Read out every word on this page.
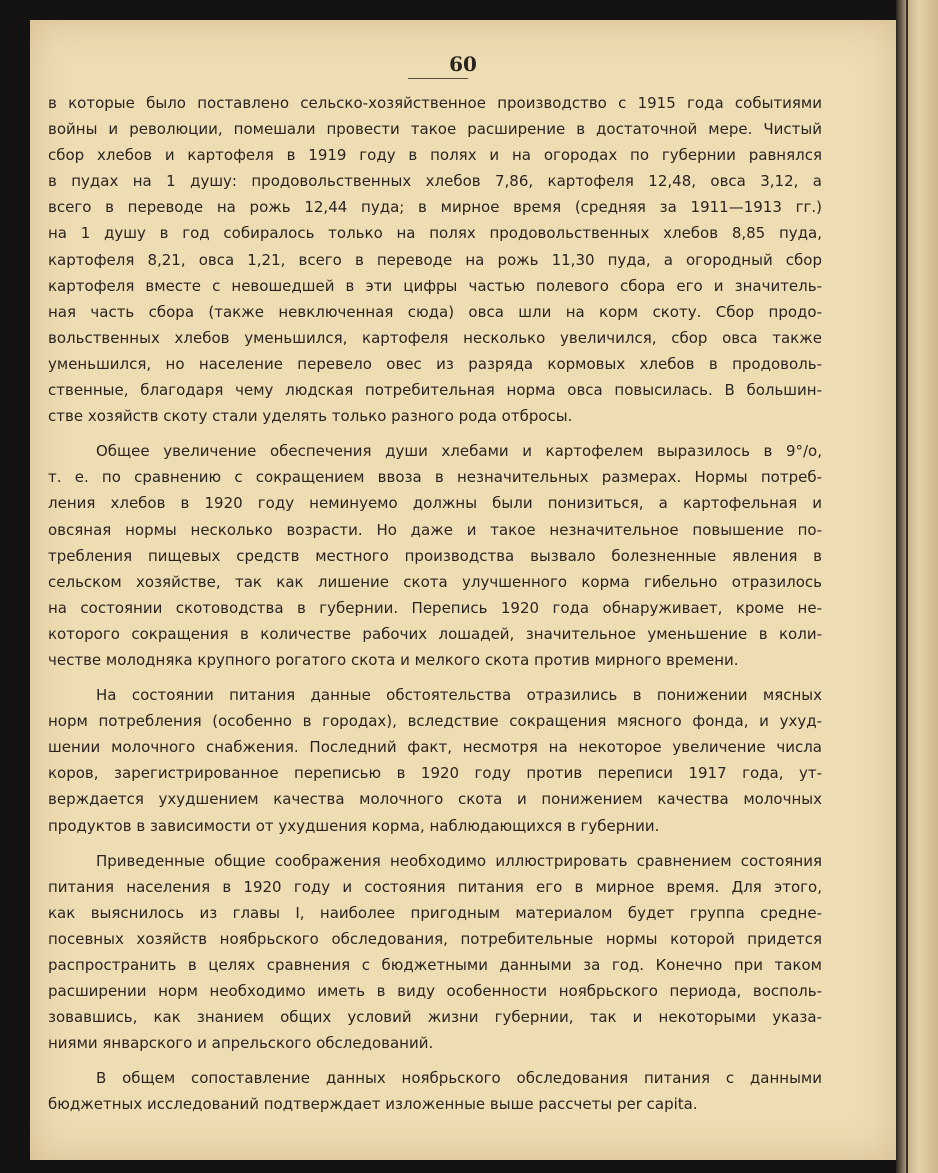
60
в которые было поставлено сельско-хозяйственное производство с 1915 года событиями
войны и революции, помешали провести такое расширение в достаточной мере. Чистый
сбор хлебов и картофеля в 1919 году в полях и на огородах по губернии равнялся
в пудах на 1 душу: продовольственных хлебов 7,86, картофеля 12,48, овса 3,12, а
всего в переводе на рожь 12,44 пуда; в мирное время (средняя за 1911—1913 гг.)
на 1 душу в год собиралось только на полях продовольственных хлебов 8,85 пуда,
картофеля 8,21, овса 1,21, всего в переводе на рожь 11,30 пуда, а огородный сбор
картофеля вместе с невошедшей в эти цифры частью полевого сбора его и значитель-
ная часть сбора (также невключенная сюда) овса шли на корм скоту. Сбор продо-
вольственных хлебов уменьшился, картофеля несколько увеличился, сбор овса также
уменьшился, но население перевело овес из разряда кормовых хлебов в продоволь-
ственные, благодаря чему людская потребительная норма овса повысилась. В большин-
стве хозяйств скоту стали уделять только разного рода отбросы.
Общее увеличение обеспечения души хлебами и картофелем выразилось в 9°/о,
т. е. по сравнению с сокращением ввоза в незначительных размерах. Нормы потреб-
ления хлебов в 1920 году неминуемо должны были понизиться, а картофельная и
овсяная нормы несколько возрасти. Но даже и такое незначительное повышение по-
требления пищевых средств местного производства вызвало болезненные явления в
сельском хозяйстве, так как лишение скота улучшенного корма гибельно отразилось
на состоянии скотоводства в губернии. Перепись 1920 года обнаруживает, кроме не-
которого сокращения в количестве рабочих лошадей, значительное уменьшение в коли-
честве молодняка крупного рогатого скота и мелкого скота против мирного времени.
На состоянии питания данные обстоятельства отразились в понижении мясных
норм потребления (особенно в городах), вследствие сокращения мясного фонда, и ухуд-
шении молочного снабжения. Последний факт, несмотря на некоторое увеличение числа
коров, зарегистрированное переписью в 1920 году против переписи 1917 года, ут-
верждается ухудшением качества молочного скота и понижением качества молочных
продуктов в зависимости от ухудшения корма, наблюдающихся в губернии.
Приведенные общие соображения необходимо иллюстрировать сравнением состояния
питания населения в 1920 году и состояния питания его в мирное время. Для этого,
как выяснилось из главы I, наиболее пригодным материалом будет группа средне-
посевных хозяйств ноябрьского обследования, потребительные нормы которой придется
распространить в целях сравнения с бюджетными данными за год. Конечно при таком
расширении норм необходимо иметь в виду особенности ноябрьского периода, восполь-
зовавшись, как знанием общих условий жизни губернии, так и некоторыми указа-
ниями январского и апрельского обследований.
В общем сопоставление данных ноябрьского обследования питания с данными
бюджетных исследований подтверждает изложенные выше рассчеты per capita.
